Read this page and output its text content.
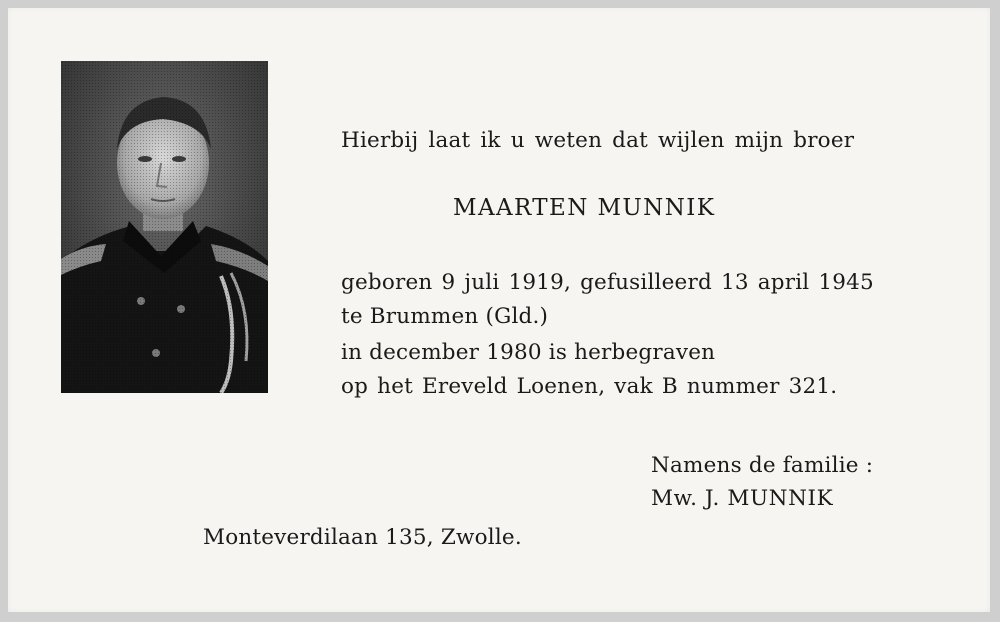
Hierbij laat ik u weten dat wijlen mijn broer
MAARTEN MUNNIK
geboren 9 juli 1919, gefusilleerd 13 april 1945
te Brummen (Gld.)
in december 1980 is herbegraven
op het Ereveld Loenen, vak B nummer 321.
Namens de familie :
Mw. J. MUNNIK
Monteverdilaan 135, Zwolle.
